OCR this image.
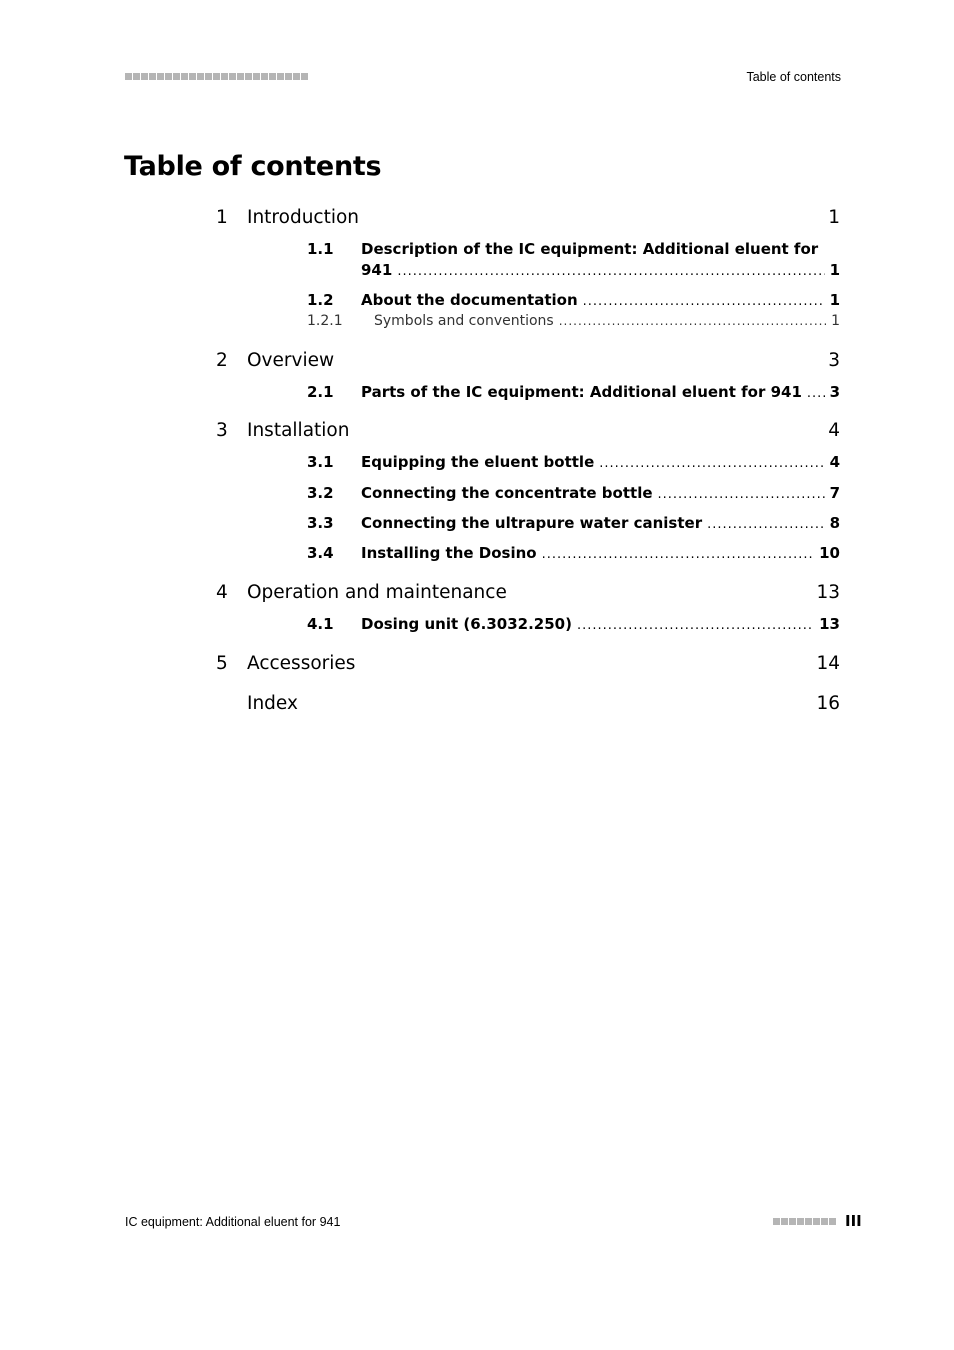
Table of contents
Table of contents
1 Introduction	1
1.1	Description of the IC equipment: Additional eluent for
941 .....	1
1.2	About the documentation .....	1
1.2.1	Symbols and conventions .....	1
2 Overview	3
2.1	Parts of the IC equipment: Additional eluent for 941 ..... 3
3 Installation	4
3.1	Equipping the eluent bottle .....	4
3.2	Connecting the concentrate bottle .....	7
3.3	Connecting the ultrapure water canister .....	8
3.4	Installing the Dosino .....	10
4 Operation and maintenance	13
4.1	Dosing unit (6.3032.250) .....	13
5 Accessories	14
Index	16
IC equipment: Additional eluent for 941	III
